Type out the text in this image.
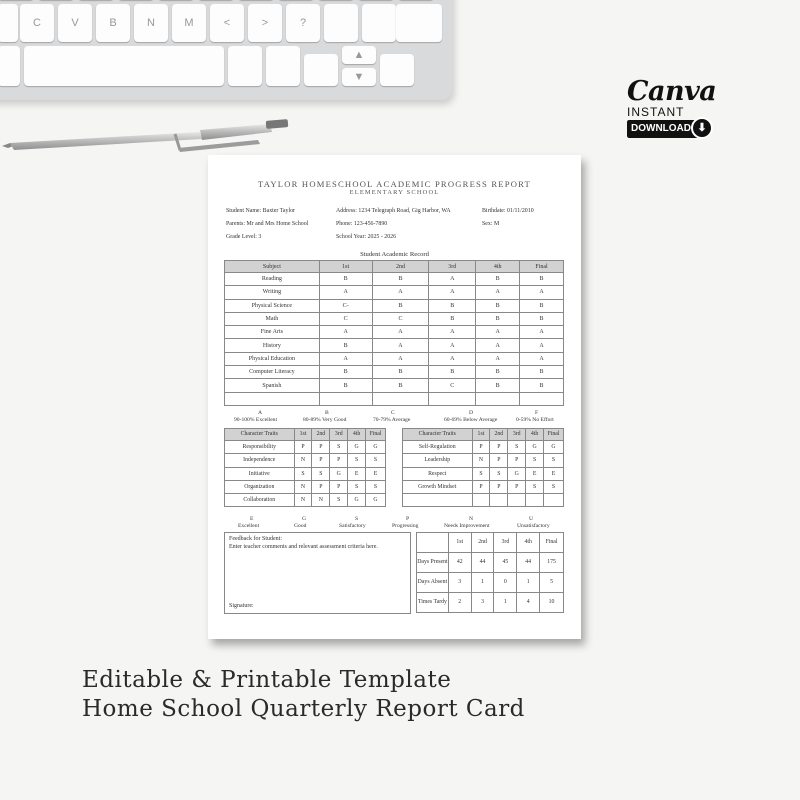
C	V	B	N	M	<	>	?
▲
▼	Canva
INSTANT
DOWNLOAD ⬇
TAYLOR HOMESCHOOL ACADEMIC PROGRESS REPORT
ELEMENTARY SCHOOL
Student Name: Baxter Taylor
Parents: Mr and Mrs Home School
Grade Level: 3
Address: 1234 Telegraph Road, Gig Harbor, WA
Phone: 123-456-7890
School Year: 2025 - 2026
Birthdate: 01/11/2010
Sex: M
Student Academic Record
Subject	1st	2nd	3rd	4th	Final
Reading	B	B	A	B	B
Writing	A	A	A	A	A
Physical Science	C-	B	B	B	B
Math	C	C	B	B	B
Fine Arts	A	A	A	A	A
History	B	A	A	A	A
Physical Education	A	A	A	A	A
Computer Literacy	B	B	B	B	B
Spanish	B	B	C	B	B

A
90-100% Excellent
B
80-89% Very Good
C
70-79% Average
D
60-69% Below Average
F
0-59% No Effort
Character Traits	1st	2nd	3rd	4th	Final
Responsibility	P	P	S	G	G
Independence	N	P	P	S	S
Initiative	S	S	G	E	E
Organization	N	P	P	S	S
Collaboration	N	N	S	G	G
Character Traits	1st	2nd	3rd	4th	Final
Self-Regulation	P	P	S	G	G
Leadership	N	P	P	S	S
Respect	S	S	G	E	E
Growth Mindset	P	P	P	S	S

E
Excellent
G
Good
S
Satisfactory
P
Progressing
N
Needs Improvement
U
Unsatisfactory
Feedback for Student:
Enter teacher comments and relevant assessment criteria here.
Signature:
	1st	2nd	3rd	4th	Final
Days Present	42	44	45	44	175
Days Absent	3	1	0	1	5
Times Tardy	2	3	1	4	10
Editable & Printable Template
Home School Quarterly Report Card
